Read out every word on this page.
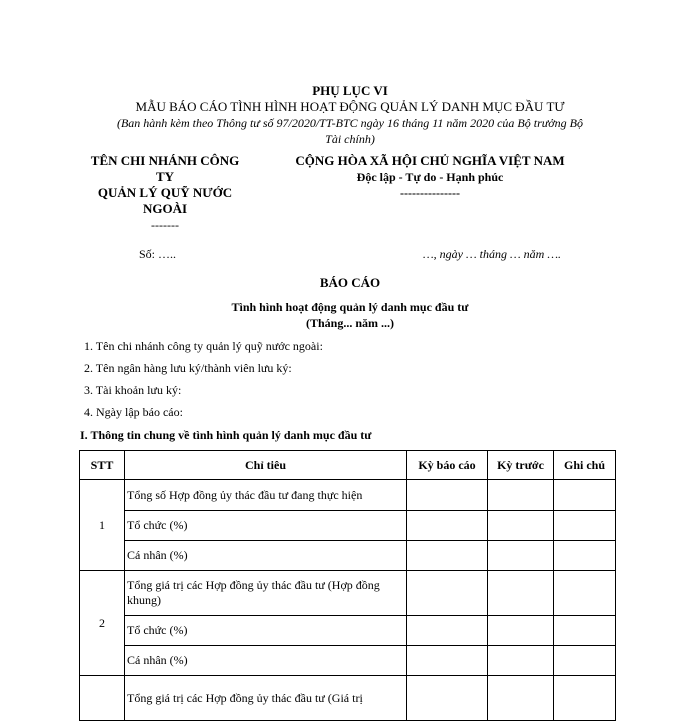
PHỤ LỤC VI
MẪU BÁO CÁO TÌNH HÌNH HOẠT ĐỘNG QUẢN LÝ DANH MỤC ĐẦU TƯ
(Ban hành kèm theo Thông tư số 97/2020/TT-BTC ngày 16 tháng 11 năm 2020 của Bộ trưởng Bộ
Tài chính)
TÊN CHI NHÁNH CÔNG
TY
QUẢN LÝ QUỸ NƯỚC
NGOÀI
-------
Số: …..
CỘNG HÒA XÃ HỘI CHỦ NGHĨA VIỆT NAM
Độc lập - Tự do - Hạnh phúc
---------------
…, ngày … tháng … năm ….
BÁO CÁO
Tình hình hoạt động quản lý danh mục đầu tư
(Tháng... năm ...)
1. Tên chi nhánh công ty quản lý quỹ nước ngoài:
2. Tên ngân hàng lưu ký/thành viên lưu ký:
3. Tài khoản lưu ký:
4. Ngày lập báo cáo:
I. Thông tin chung về tình hình quản lý danh mục đầu tư
STT	Chỉ tiêu	Kỳ báo cáo	Kỳ trước	Ghi chú
1	Tổng số Hợp đồng ủy thác đầu tư đang thực hiện			
	Tổ chức (%)			
	Cá nhân (%)			
2	Tổng giá trị các Hợp đồng ủy thác đầu tư (Hợp đồng khung)			
	Tổ chức (%)			
	Cá nhân (%)			
	Tổng giá trị các Hợp đồng ủy thác đầu tư (Giá trị			
